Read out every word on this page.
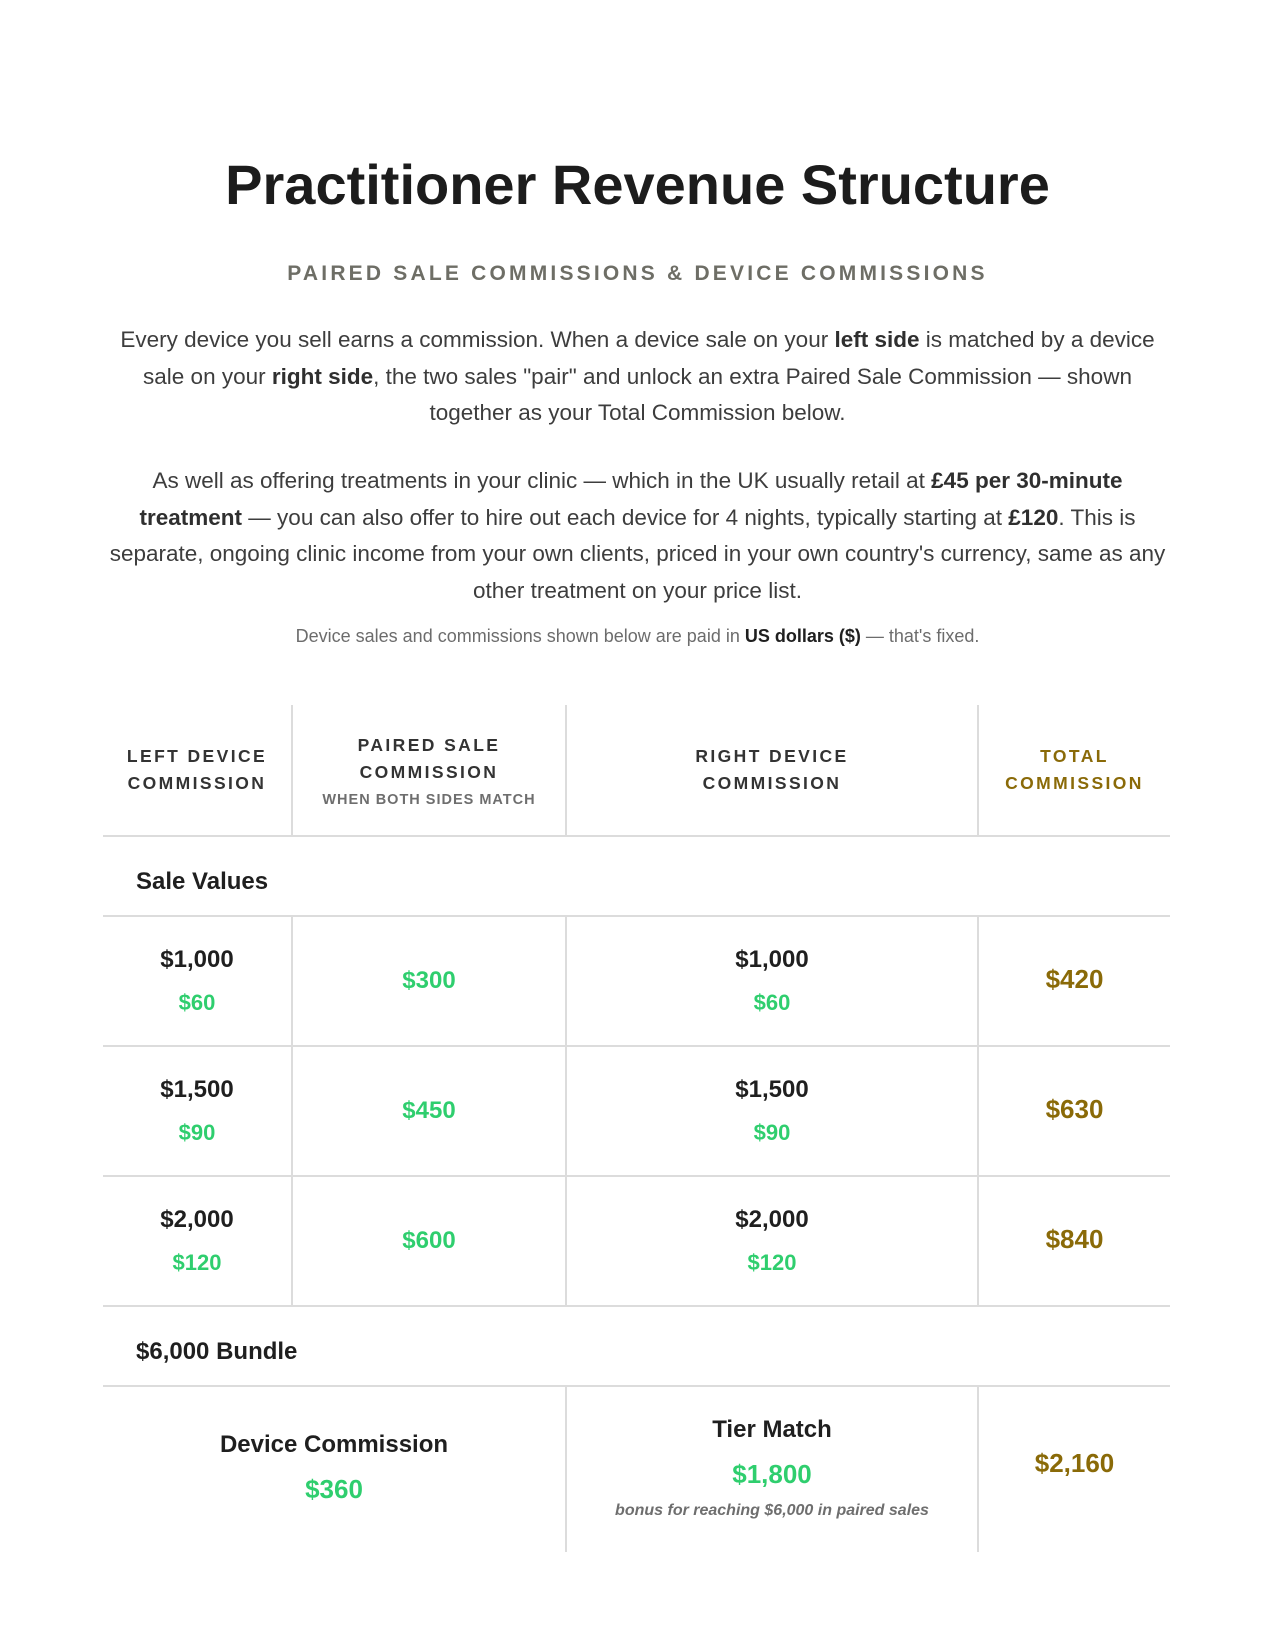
Practitioner Revenue Structure

PAIRED SALE COMMISSIONS & DEVICE COMMISSIONS

Every device you sell earns a commission. When a device sale on your left side is matched by a device sale on your right side, the two sales "pair" and unlock an extra Paired Sale Commission — shown together as your Total Commission below.

As well as offering treatments in your clinic — which in the UK usually retail at £45 per 30-minute treatment — you can also offer to hire out each device for 4 nights, typically starting at £120. This is separate, ongoing clinic income from your own clients, priced in your own country's currency, same as any other treatment on your price list.

Device sales and commissions shown below are paid in US dollars ($) — that's fixed.

LEFT DEVICE COMMISSION
PAIRED SALE COMMISSION
WHEN BOTH SIDES MATCH
RIGHT DEVICE COMMISSION
TOTAL COMMISSION
Sale Values
$1,000
$60
$300
$1,000
$60
$420
$1,500
$90
$450
$1,500
$90
$630
$2,000
$120
$600
$2,000
$120
$840
$6,000 Bundle
Device Commission
$360
Tier Match
$1,800
bonus for reaching $6,000 in paired sales
$2,160
